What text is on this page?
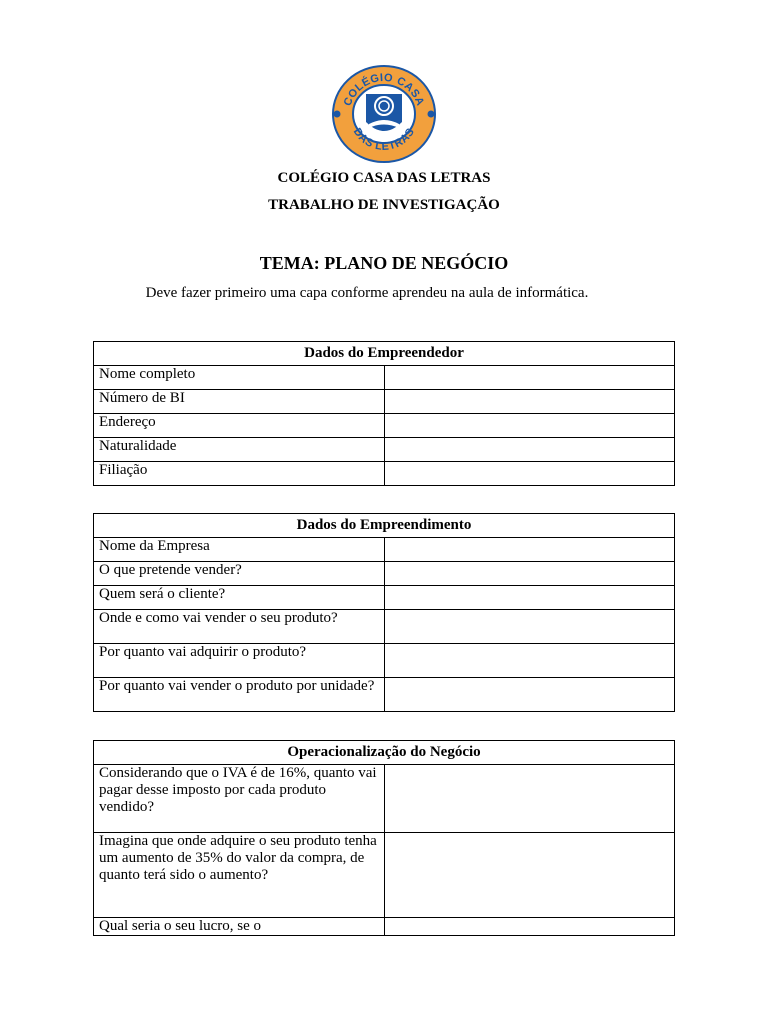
COLÉGIO CASA
DAS LETRAS
COLÉGIO CASA DAS LETRAS
TRABALHO DE INVESTIGAÇÃO
TEMA: PLANO DE NEGÓCIO
Deve fazer primeiro uma capa conforme aprendeu na aula de informática.
Dados do Empreendedor	
Nome completo	
Número de BI	
Endereço	
Naturalidade	
Filiação	
Dados do Empreendimento	
Nome da Empresa	
O que pretende vender?	
Quem será o cliente?	
Onde e como vai vender o seu produto?	
Por quanto vai adquirir o produto?	
Por quanto vai vender o produto por unidade?	
Operacionalização do Negócio	
Considerando que o IVA é de 16%, quanto vai pagar desse imposto por cada produto vendido?	
Imagina que onde adquire o seu produto tenha um aumento de 35% do valor da compra, de quanto terá sido o aumento?	
Qual seria o seu lucro, se o	
